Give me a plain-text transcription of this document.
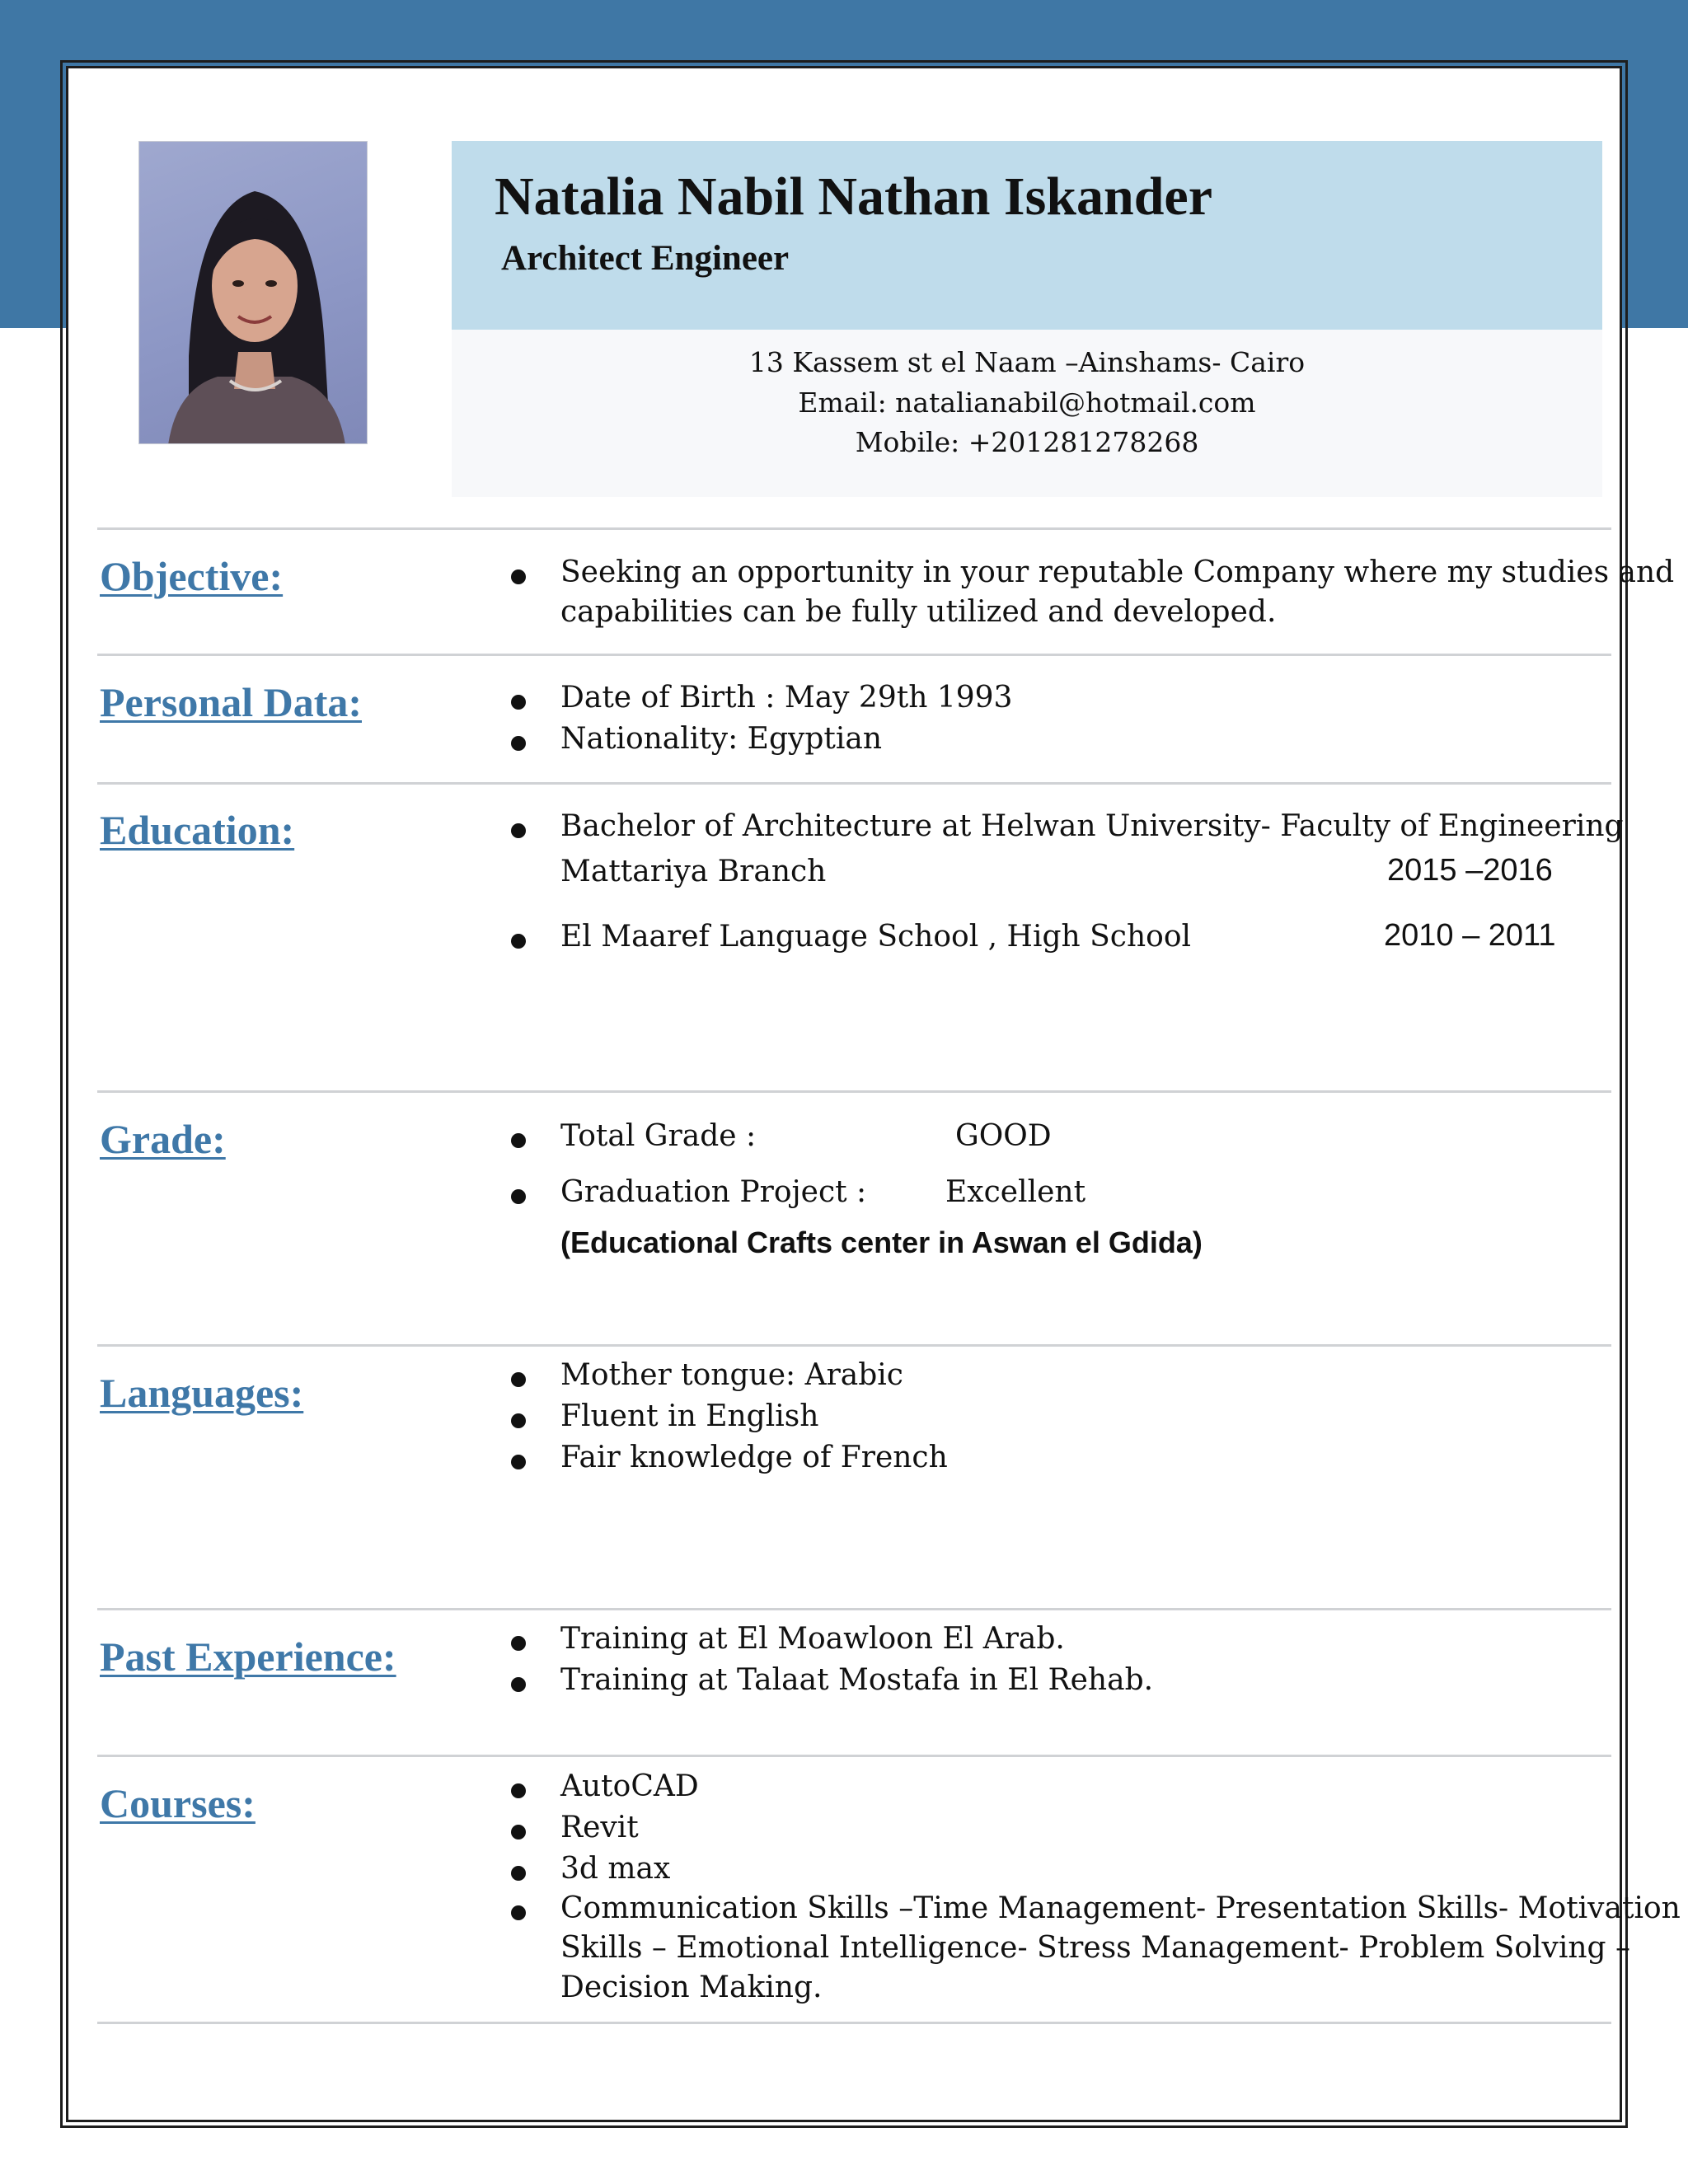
Natalia Nabil Nathan Iskander
Architect Engineer
13 Kassem st el Naam –Ainshams- Cairo
Email: natalianabil@hotmail.com
Mobile: +201281278268
Objective:	Seeking an opportunity in your reputable Company where my studies and
capabilities can be fully utilized and developed.
Personal Data:	Date of Birth : May 29th 1993
Nationality: Egyptian
Education:	Bachelor of Architecture at Helwan University- Faculty of Engineering
Mattariya Branch	2015 –2016
El Maaref Language School , High School	2010 – 2011
Grade:	Total Grade :	GOOD
Graduation Project :	Excellent
(Educational Crafts center in Aswan el Gdida)
Languages:	Mother tongue: Arabic
Fluent in English
Fair knowledge of French
Past Experience:	Training at El Moawloon El Arab.
Training at Talaat Mostafa in El Rehab.
Courses:	AutoCAD
Revit
3d max
Communication Skills –Time Management- Presentation Skills- Motivation
Skills – Emotional Intelligence- Stress Management- Problem Solving –
Decision Making.
